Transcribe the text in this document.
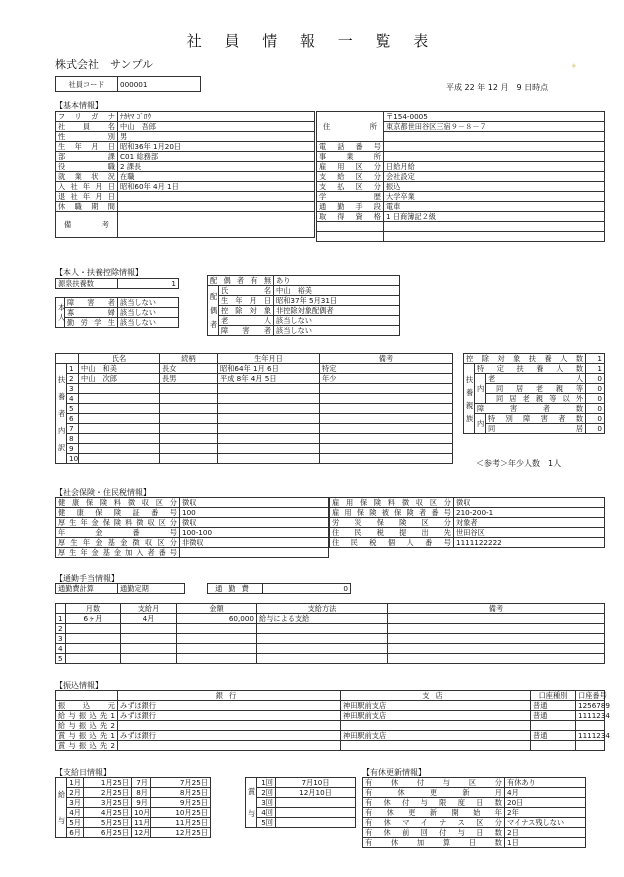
社 員 情 報 一 覧 表
株式会社　サンプル	✦
社員コード	000001	平成 22 年 12 月　9 日時点
【基本情報】
フリガナ	ﾅｶﾔﾏ ｺﾞﾛｳ
社員名	中山　吾郎
性別	男
生年月日	昭和36年 1月20日
部課	C01 総務部
役職	2 課長
就業状況	在職
入社年月日	昭和60年 4月 1日
退社年月日	
休職期間	
備考	
住所	〒154-0005
	東京都世田谷区三宿９－８－７

電話番号	
事業所	
雇用区分	日給月給
支給区分	会社設定
支払区分	振込
学歴	大学卒業
通勤手段	電車
取得資格	1 日商簿記２級

【本人・扶養控除情報】
源泉扶養数	1
本人	障害者	該当しない
	寡婦	該当しない
	勤労学生	該当しない
配偶者有無		あり
配偶者	氏名	中山　裕美
	生年月日	昭和37年 5月31日
	控除対象	非控除対象配偶者
	老人	該当しない
	障害者	該当しない
		氏名	続柄	生年月日	備考
扶養者内訳	1	中山　和美	長女	昭和64年 1月 6日	特定
	2	中山　次郎	長男	平成 8年 4月 5日	年少
	3				
	4				
	5				
	6				
	7				
	8				
	9				
	10				
控除対象扶養人数			1
扶養親族	特定扶養人数		1
	内	老人	0
		同居老親等	0
		同居老親等以外	0
	障害者数		0
	内	特別障害者数	0
		同居	0
＜参考＞年少人数　1人
【社会保険・住民税情報】
健康保険料徴収区分	徴収
健康保険証番号	100
厚生年金保険料徴収区分	徴収
年金番号	100-100
厚生年金基金徴収区分	非徴収
厚生年金基金加入者番号	
雇用保険料徴収区分	徴収
雇用保険被保険者番号	210-200-1
労災保険区分	対象者
住民税提出先	世田谷区
住民税個人番号	1111122222
【通勤手当情報】
通勤費計算	通勤定期	通勤費	0
	月数	支給月	金額	支給方法	備考
1	6ヶ月	4月	60,000	給与による支給	
2					
3					
4					
5					
【振込情報】
	銀行	支店	口座種別	口座番号
振込元	みずほ銀行	神田駅前支店	普通	1256789
給与振込先1	みずほ銀行	神田駅前支店	普通	1111234
給与振込先2				
賞与振込先1	みずほ銀行	神田駅前支店	普通	1111234
賞与振込先2				
【支給日情報】
給与	1月	1月25日	7月	7月25日
	2月	2月25日	8月	8月25日
	3月	3月25日	9月	9月25日
	4月	4月25日	10月	10月25日
	5月	5月25日	11月	11月25日
	6月	6月25日	12月	12月25日
賞与	1回	7月10日
	2回	12月10日
	3回	
	4回	
	5回	
【有休更新情報】
有休付与区分	有休あり
有休更新月	4月
有休付与限度日数	20日
有休更新開始年	2年
有休マイナス区分	マイナス残しない
有休前回付与日数	2日
有休加算日数	1日
